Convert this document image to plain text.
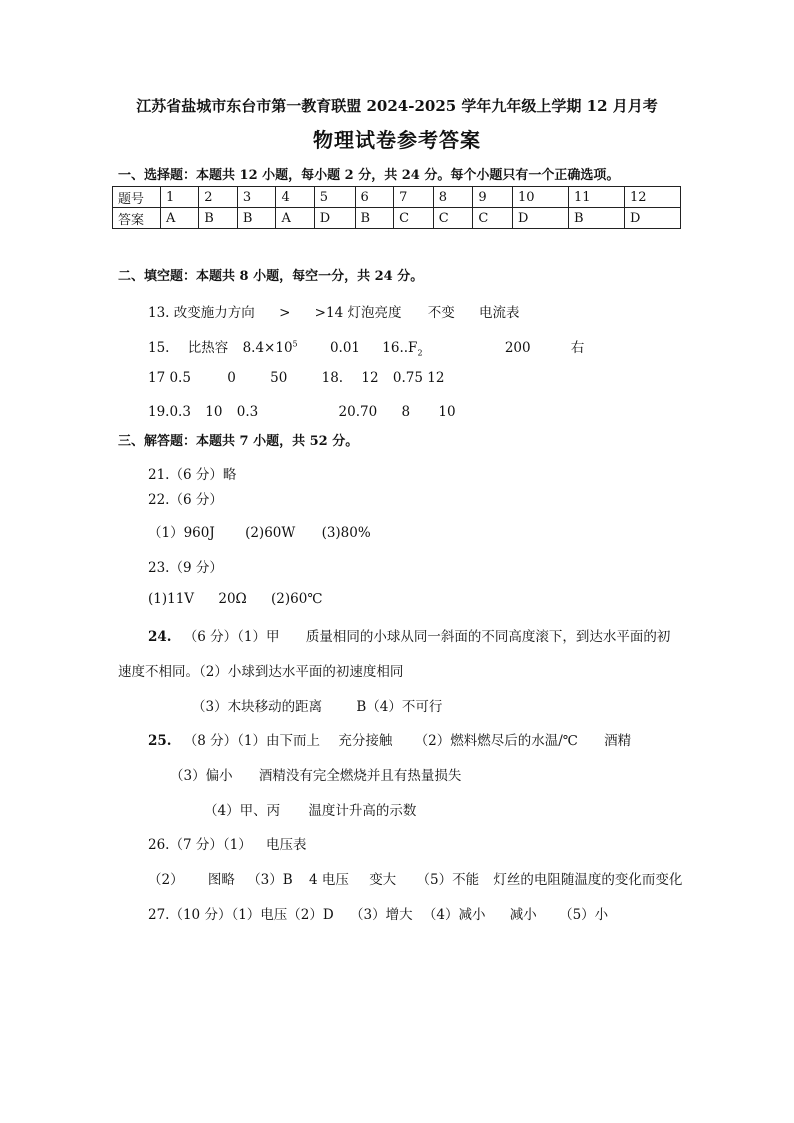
江苏省盐城市东台市第一教育联盟 2024-2025 学年九年级上学期 12 月月考
物理试卷参考答案
一、选择题：本题共 12 小题，每小题 2 分，共 24 分。每个小题只有一个正确选项。
题号	1	2	3	4	5	6	7	8	9	10	11	12
答案	A	B	B	A	D	B	C	C	C	D	B	D
二、填空题：本题共 8 小题，每空一分，共 24 分。
13. 改变施力方向 > >14 灯泡亮度 不变 电流表
15. 比热容 $8.4\times 10^5$ 0.01 $16..F_2$	200	右
17 0.5	0	50	18. 12 0.75 12
19.0.3 10 0.3	20.70 8 10
三、解答题：本题共 7 小题，共 52 分。
21.（6 分）略
22.（6 分）
（1）960J (2)60W (3)80%
23.（9 分）
(1)11V 20Ω (2)60℃
24. （6 分）（1）甲 质量相同的小球从同一斜面的不同高度滚下，到达水平面的初
速度不相同。（2）小球到达水平面的初速度相同
（3）木块移动的距离	B（4）不可行
25. （8 分）（1）由下而上 充分接触 （2）燃料燃尽后的水温/℃ 酒精
（3）偏小 酒精没有完全燃烧并且有热量损失
（4）甲、丙 温度计升高的示数
26.（7 分）（1） 电压表
（2） 图略 （3）B 4 电压 变大 （5）不能 灯丝的电阻随温度的变化而变化
27.（10 分）（1）电压（2）D （3）增大 （4）减小 减小 （5）小
